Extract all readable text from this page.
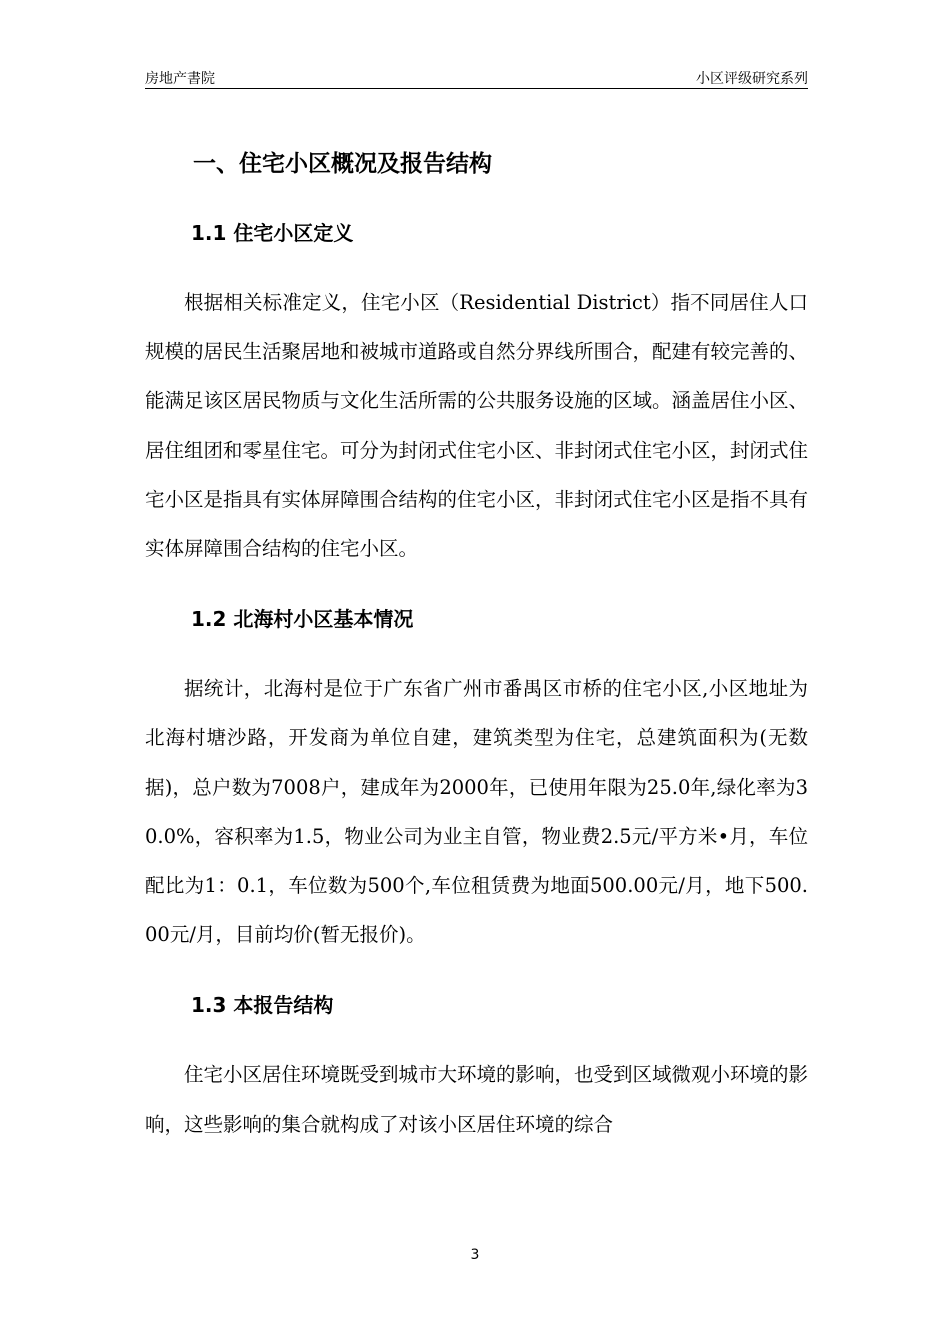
房地产書院	小区评级研究系列
一、住宅小区概况及报告结构
1.1 住宅小区定义

根据相关标准定义，住宅小区（Residential District）指不同居住人口规模的居民生活聚居地和被城市道路或自然分界线所围合，配建有较完善的、能满足该区居民物质与文化生活所需的公共服务设施的区域。涵盖居住小区、居住组团和零星住宅。可分为封闭式住宅小区、非封闭式住宅小区，封闭式住宅小区是指具有实体屏障围合结构的住宅小区，非封闭式住宅小区是指不具有实体屏障围合结构的住宅小区。

1.2 北海村小区基本情况

据统计，北海村是位于广东省广州市番禺区市桥的住宅小区,小区地址为北海村塘沙路，开发商为单位自建，建筑类型为住宅，总建筑面积为(无数据)，总户数为7008户，建成年为2000年，已使用年限为25.0年,绿化率为30.0%，容积率为1.5，物业公司为业主自管，物业费2.5元/平方米•月，车位配比为1：0.1，车位数为500个,车位租赁费为地面500.00元/月，地下500.00元/月，目前均价(暂无报价)。

1.3 本报告结构

住宅小区居住环境既受到城市大环境的影响，也受到区域微观小环境的影响，这些影响的集合就构成了对该小区居住环境的综合

3
